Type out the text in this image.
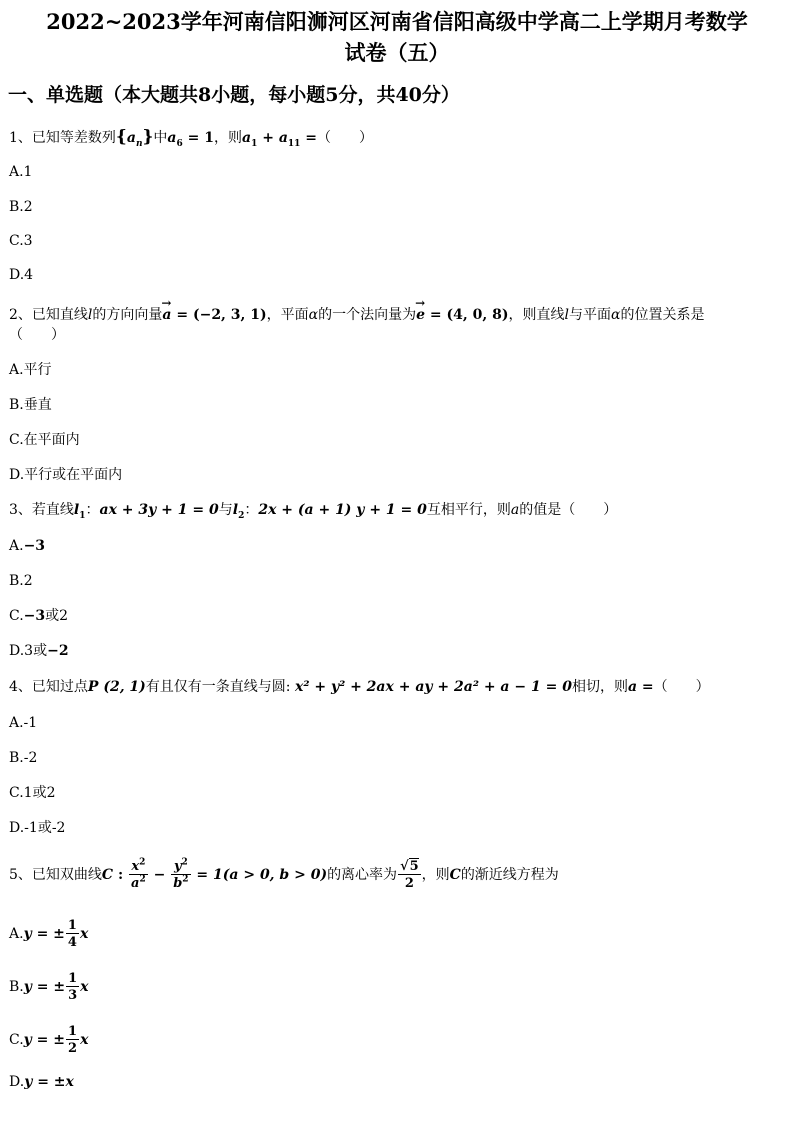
2022~2023学年河南信阳浉河区河南省信阳高级中学高二上学期月考数学
试卷（五）
一、单选题（本大题共8小题，每小题5分，共40分）
1、已知等差数列$\{a_n\}$中$a_6 = 1$，则$a_1 + a_{11}$ =（　　）
A.1
B.2
C.3
D.4
2、已知直线l的方向向量→ a = (−2, 3, 1)，平面α的一个法向量为→ e = (4, 0, 8)，则直线l与平面α的位置关系是
（　　）
A.平行
B.垂直
C.在平面内
D.平行或在平面内
3、若直线$l_1$：ax + 3y + 1 = 0与$l_2$：2x + (a + 1) y + 1 = 0互相平行，则a的值是（　　）
A.−3
B.2
C.−3或2
D.3或−2
4、已知过点P (2, 1)有且仅有一条直线与圆: x² + y² + 2ax + ay + 2a² + a − 1 = 0相切，则a =（　　）
A.-1
B.-2
C.1或2
D.-1或-2
5、已知双曲线C : $\frac{x^2}{a^2} - \frac{y^2}{b^2} = 1(a > 0$, b > 0)的离心率为 $\frac{√5}{2}$ ，则C的渐近线方程为
A.y = ± $\frac{1}{4}$ x
B.y = ± $\frac{1}{3}$ x
C.y = ± $\frac{1}{2}$ x
D.y = ±x
